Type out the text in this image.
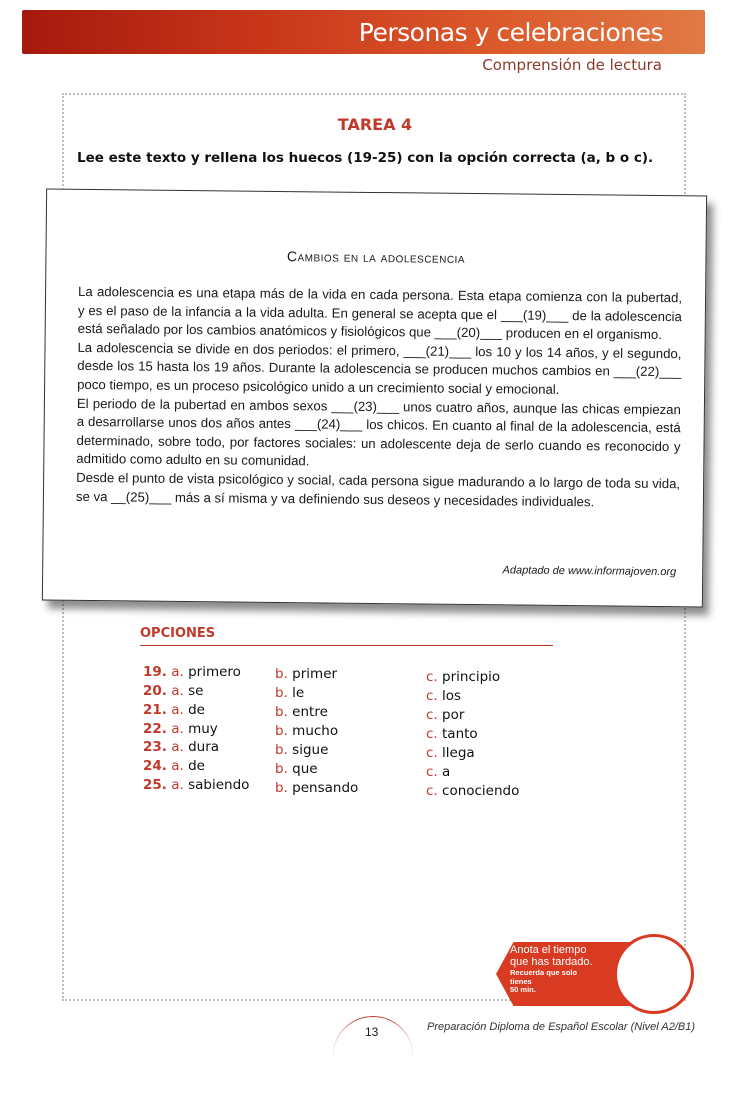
Personas y celebraciones
Comprensión de lectura
TAREA 4
Lee este texto y rellena los huecos (19-25) con la opción correcta (a, b o c).
Cambios en la adolescencia

La adolescencia es una etapa más de la vida en cada persona. Esta etapa comienza con la pubertad, y es el paso de la infancia a la vida adulta. En general se acepta que el ___(19)___ de la adolescencia está señalado por los cambios anatómicos y fisiológicos que ___(20)___ producen en el organismo.

La adolescencia se divide en dos periodos: el primero, ___(21)___ los 10 y los 14 años, y el segundo, desde los 15 hasta los 19 años. Durante la adolescencia se producen muchos cambios en ___(22)___ poco tiempo, es un proceso psicológico unido a un crecimiento social y emocional.

El periodo de la pubertad en ambos sexos ___(23)___ unos cuatro años, aunque las chicas empiezan a desarrollarse unos dos años antes ___(24)___ los chicos. En cuanto al final de la adolescencia, está determinado, sobre todo, por factores sociales: un adolescente deja de serlo cuando es reconocido y admitido como adulto en su comunidad.

Desde el punto de vista psicológico y social, cada persona sigue madurando a lo largo de toda su vida, se va __(25)___ más a sí misma y va definiendo sus deseos y necesidades individuales.

Adaptado de www.informajoven.org
OPCIONES
19. a. primero	b. primer	c. principio
20. a. se	b. le	c. los
21. a. de	b. entre	c. por
22. a. muy	b. mucho	c. tanto
23. a. dura	b. sigue	c. llega
24. a. de	b. que	c. a
25. a. sabiendo b. pensando	c. conociendo
Anota el tiempo
que has tardado.
Recuerda que solo tienes
50 min.
13	Preparación Diploma de Español Escolar (Nivel A2/B1)
